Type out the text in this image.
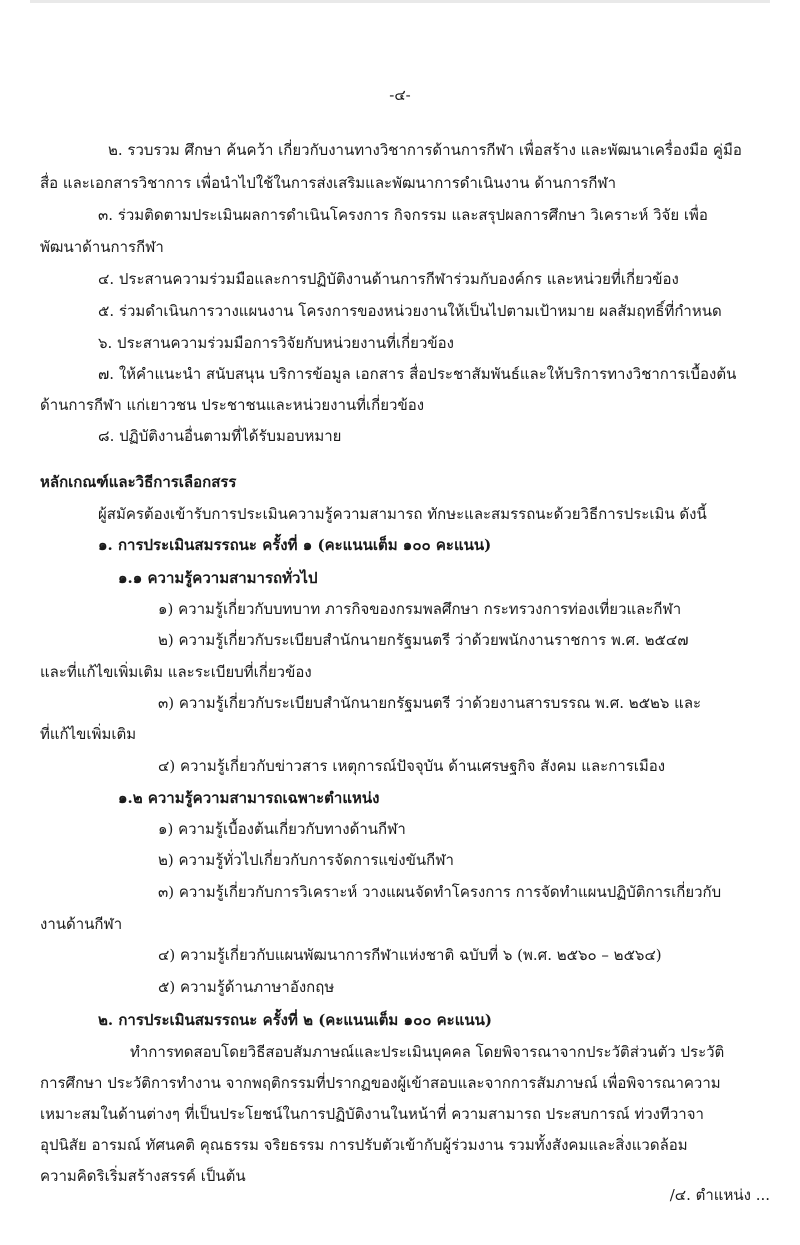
-๔-
๒. รวบรวม ศึกษา ค้นคว้า เกี่ยวกับงานทางวิชาการด้านการกีฬา เพื่อสร้าง และพัฒนาเครื่องมือ คู่มือ
สื่อ และเอกสารวิชาการ เพื่อนำไปใช้ในการส่งเสริมและพัฒนาการดำเนินงาน ด้านการกีฬา
๓. ร่วมติดตามประเมินผลการดำเนินโครงการ กิจกรรม และสรุปผลการศึกษา วิเคราะห์ วิจัย เพื่อ
พัฒนาด้านการกีฬา
๔. ประสานความร่วมมือและการปฏิบัติงานด้านการกีฬาร่วมกับองค์กร และหน่วยที่เกี่ยวข้อง
๕. ร่วมดำเนินการวางแผนงาน โครงการของหน่วยงานให้เป็นไปตามเป้าหมาย ผลสัมฤทธิ์ที่กำหนด
๖. ประสานความร่วมมือการวิจัยกับหน่วยงานที่เกี่ยวข้อง
๗. ให้คำแนะนำ สนับสนุน บริการข้อมูล เอกสาร สื่อประชาสัมพันธ์และให้บริการทางวิชาการเบื้องต้น
ด้านการกีฬา แก่เยาวชน ประชาชนและหน่วยงานที่เกี่ยวข้อง
๘. ปฏิบัติงานอื่นตามที่ได้รับมอบหมาย
หลักเกณฑ์และวิธีการเลือกสรร
ผู้สมัครต้องเข้ารับการประเมินความรู้ความสามารถ ทักษะและสมรรถนะด้วยวิธีการประเมิน ดังนี้
๑. การประเมินสมรรถนะ ครั้งที่ ๑ (คะแนนเต็ม ๑๐๐ คะแนน)
๑.๑ ความรู้ความสามารถทั่วไป
๑) ความรู้เกี่ยวกับบทบาท ภารกิจของกรมพลศึกษา กระทรวงการท่องเที่ยวและกีฬา
๒) ความรู้เกี่ยวกับระเบียบสำนักนายกรัฐมนตรี ว่าด้วยพนักงานราชการ พ.ศ. ๒๕๔๗
และที่แก้ไขเพิ่มเติม และระเบียบที่เกี่ยวข้อง
๓) ความรู้เกี่ยวกับระเบียบสำนักนายกรัฐมนตรี ว่าด้วยงานสารบรรณ พ.ศ. ๒๕๒๖ และ
ที่แก้ไขเพิ่มเติม
๔) ความรู้เกี่ยวกับข่าวสาร เหตุการณ์ปัจจุบัน ด้านเศรษฐกิจ สังคม และการเมือง
๑.๒ ความรู้ความสามารถเฉพาะตำแหน่ง
๑) ความรู้เบื้องต้นเกี่ยวกับทางด้านกีฬา
๒) ความรู้ทั่วไปเกี่ยวกับการจัดการแข่งขันกีฬา
๓) ความรู้เกี่ยวกับการวิเคราะห์ วางแผนจัดทำโครงการ การจัดทำแผนปฏิบัติการเกี่ยวกับ
งานด้านกีฬา
๔) ความรู้เกี่ยวกับแผนพัฒนาการกีฬาแห่งชาติ ฉบับที่ ๖ (พ.ศ. ๒๕๖๐ – ๒๕๖๔)
๕) ความรู้ด้านภาษาอังกฤษ
๒. การประเมินสมรรถนะ ครั้งที่ ๒ (คะแนนเต็ม ๑๐๐ คะแนน)
ทำการทดสอบโดยวิธีสอบสัมภาษณ์และประเมินบุคคล โดยพิจารณาจากประวัติส่วนตัว ประวัติ
การศึกษา ประวัติการทำงาน จากพฤติกรรมที่ปรากฏของผู้เข้าสอบและจากการสัมภาษณ์ เพื่อพิจารณาความ
เหมาะสมในด้านต่างๆ ที่เป็นประโยชน์ในการปฏิบัติงานในหน้าที่ ความสามารถ ประสบการณ์ ท่วงทีวาจา
อุปนิสัย อารมณ์ ทัศนคติ คุณธรรม จริยธรรม การปรับตัวเข้ากับผู้ร่วมงาน รวมทั้งสังคมและสิ่งแวดล้อม
ความคิดริเริ่มสร้างสรรค์ เป็นต้น
/๔. ตำแหน่ง ...
